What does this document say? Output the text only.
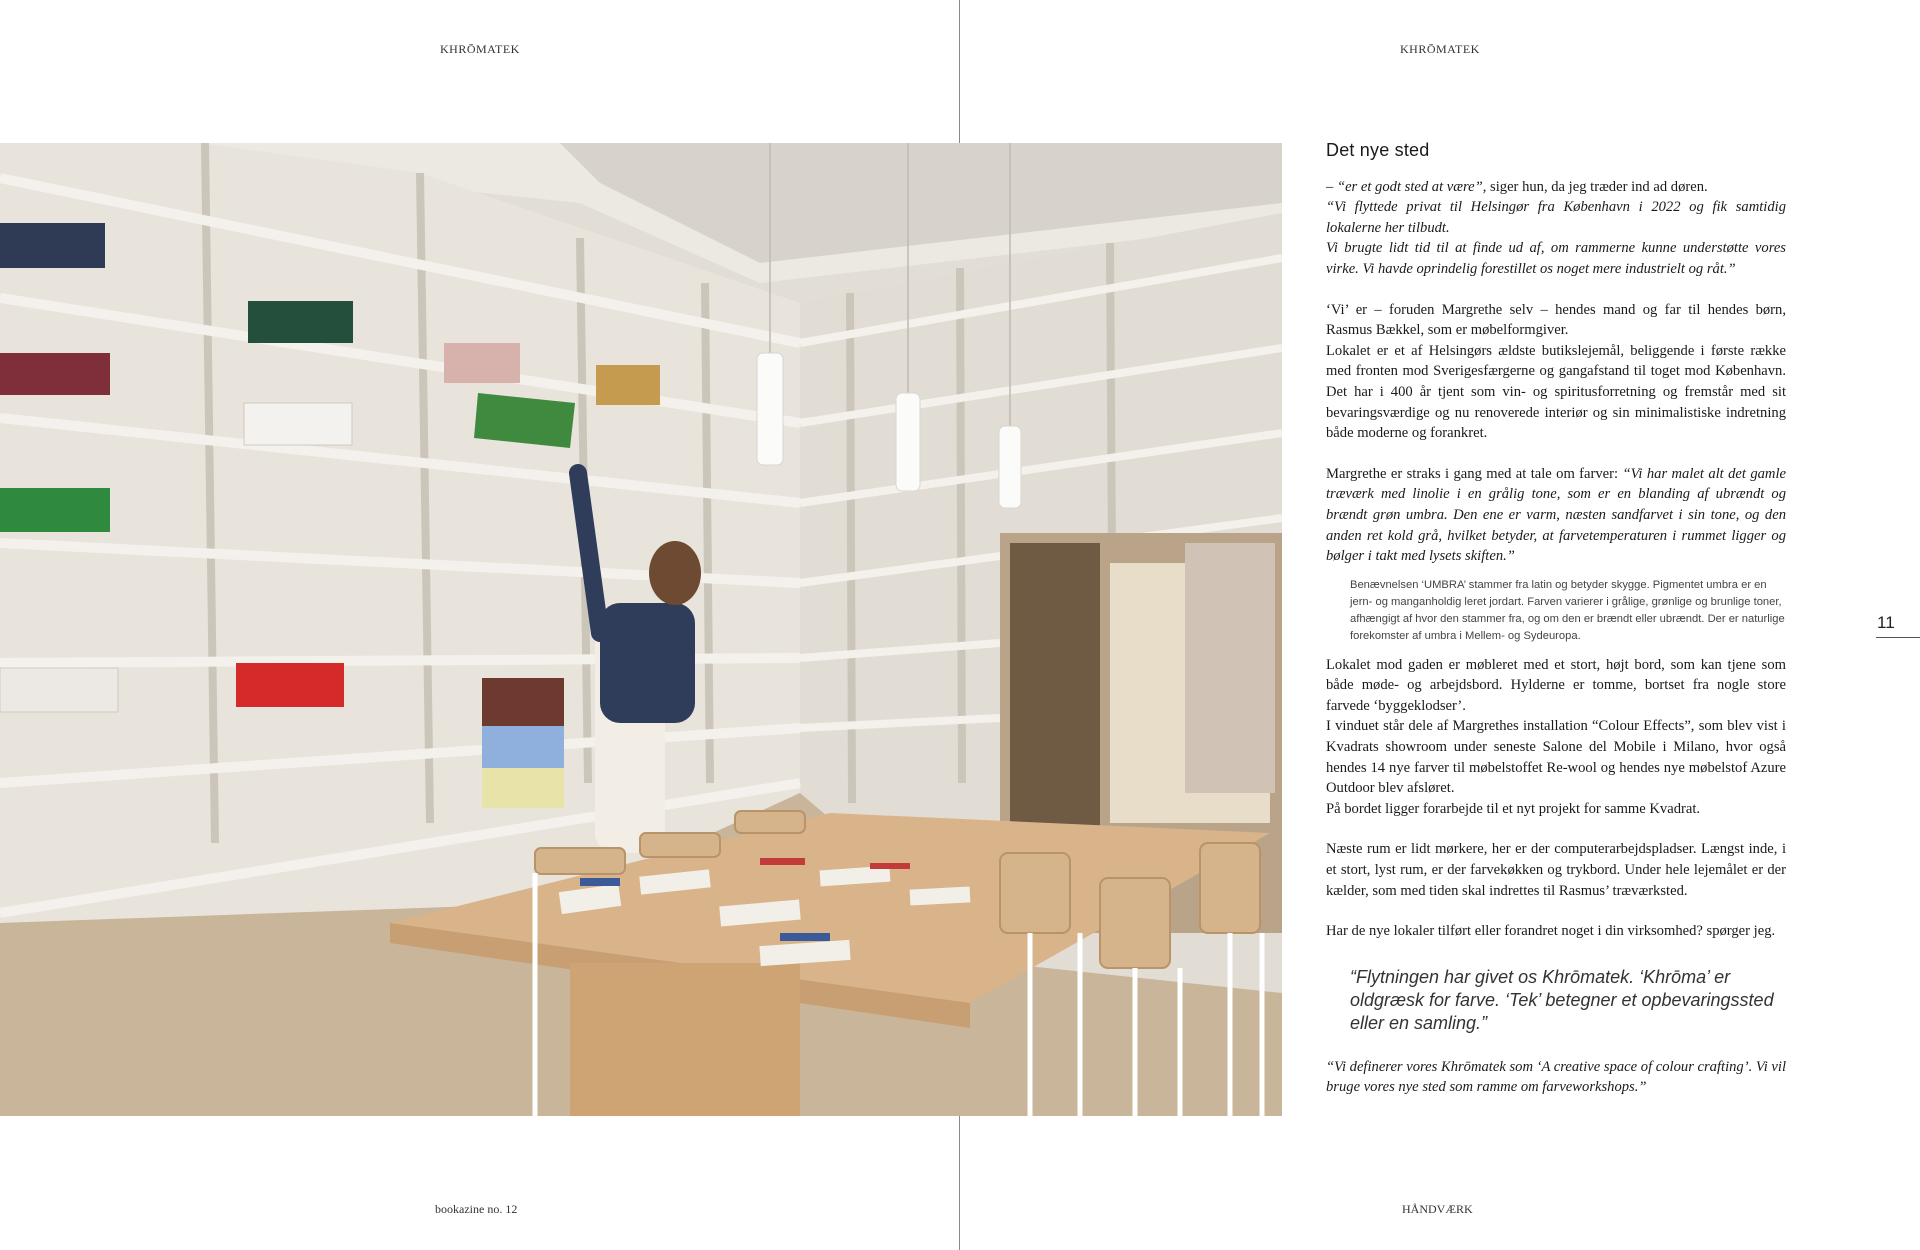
KHRŌMATEK	KHRŌMATEK
Det nye sted

– “er et godt sted at være”, siger hun, da jeg træder ind ad døren.

“Vi flyttede privat til Helsingør fra København i 2022 og fik samtidig lokalerne her tilbudt.

Vi brugte lidt tid til at finde ud af, om rammerne kunne understøtte vores virke. Vi havde oprindelig forestillet os noget mere industrielt og råt.”

‘Vi’ er – foruden Margrethe selv – hendes mand og far til hendes børn, Rasmus Bækkel, som er møbelformgiver.

Lokalet er et af Helsingørs ældste butikslejemål, beliggende i første række med fronten mod Sverigesfærgerne og gangafstand til toget mod København. Det har i 400 år tjent som vin- og spiritusforretning og fremstår med sit bevaringsværdige og nu renoverede interiør og sin minimalistiske indretning både moderne og forankret.

Margrethe er straks i gang med at tale om farver: “Vi har malet alt det gamle træværk med linolie i en grålig tone, som er en blanding af ubrændt og brændt grøn umbra. Den ene er varm, næsten sandfarvet i sin tone, og den anden ret kold grå, hvilket betyder, at farvetemperaturen i rummet ligger og bølger i takt med lysets skiften.”

Benævnelsen ‘UMBRA’ stammer fra latin og betyder skygge. Pigmentet umbra er en jern- og manganholdig leret jordart. Farven varierer i grålige, grønlige og brunlige toner, afhængigt af hvor den stammer fra, og om den er brændt eller ubrændt. Der er naturlige forekomster af umbra i Mellem- og Sydeuropa.

Lokalet mod gaden er møbleret med et stort, højt bord, som kan tjene som både møde- og arbejdsbord. Hylderne er tomme, bortset fra nogle store farvede ‘byggeklodser’.

I vinduet står dele af Margrethes installation “Colour Effects”, som blev vist i Kvadrats showroom under seneste Salone del Mobile i Milano, hvor også hendes 14 nye farver til møbelstoffet Re-wool og hendes nye møbelstof Azure Outdoor blev afsløret.

På bordet ligger forarbejde til et nyt projekt for samme Kvadrat.

Næste rum er lidt mørkere, her er der computerarbejdspladser. Længst inde, i et stort, lyst rum, er der farvekøkken og trykbord. Under hele lejemålet er der kælder, som med tiden skal indrettes til Rasmus’ træværksted.

Har de nye lokaler tilført eller forandret noget i din virksomhed? spørger jeg.

“Flytningen har givet os Khrōmatek. ‘Khrōma’ er oldgræsk for farve. ‘Tek’ betegner et opbevaringssted eller en samling.”

“Vi definerer vores Khrōmatek som ‘A creative space of colour crafting’. Vi vil bruge vores nye sted som ramme om farveworkshops.”

11
bookazine no. 12	HÅNDVÆRK
